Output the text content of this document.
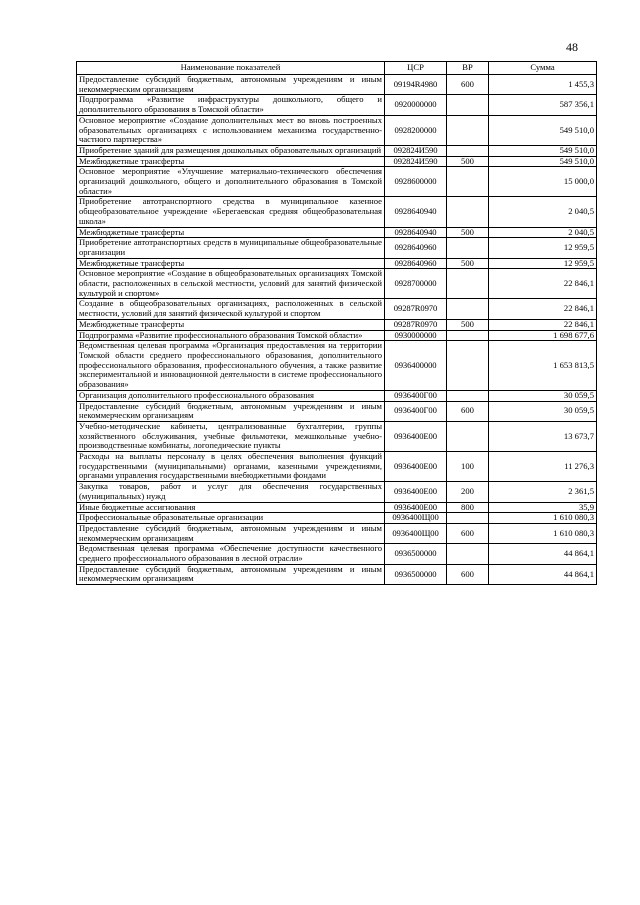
48
Наименование показателей	ЦСР	ВР	Сумма
Предоставление субсидий бюджетным, автономным учреждениям и иным некоммерческим организациям	09194R4980	600	1 455,3
Подпрограмма «Развитие инфраструктуры дошкольного, общего и дополнительного образования в Томской области»	0920000000		587 356,1
Основное мероприятие «Создание дополнительных мест во вновь построенных образовательных организациях с использованием механизма государственно-частного партнерства»	0928200000		549 510,0
Приобретение зданий для размещения дошкольных образовательных организаций	092824И590		549 510,0
Межбюджетные трансферты	092824И590	500	549 510,0
Основное мероприятие «Улучшение материально-технического обеспечения организаций дошкольного, общего и дополнительного образования в Томской области»	0928600000		15 000,0
Приобретение автотранспортного средства в муниципальное казенное общеобразовательное учреждение «Берегаевская средняя общеобразовательная школа»	0928640940		2 040,5
Межбюджетные трансферты	0928640940	500	2 040,5
Приобретение автотранспортных средств в муниципальные общеобразовательные организации	0928640960		12 959,5
Межбюджетные трансферты	0928640960	500	12 959,5
Основное мероприятие «Создание в общеобразовательных организациях Томской области, расположенных в сельской местности, условий для занятий физической культурой и спортом»	0928700000		22 846,1
Создание в общеобразовательных организациях, расположенных в сельской местности, условий для занятий физической культурой и спортом	09287R0970		22 846,1
Межбюджетные трансферты	09287R0970	500	22 846,1
Подпрограмма «Развитие профессионального образования Томской области»	0930000000		1 698 677,6
Ведомственная целевая программа «Организация предоставления на территории Томской области среднего профессионального образования, дополнительного профессионального образования, профессионального обучения, а также развитие экспериментальной и инновационной деятельности в системе профессионального образования»	0936400000		1 653 813,5
Организация дополнительного профессионального образования	0936400Г00		30 059,5
Предоставление субсидий бюджетным, автономным учреждениям и иным некоммерческим организациям	0936400Г00	600	30 059,5
Учебно-методические кабинеты, централизованные бухгалтерии, группы хозяйственного обслуживания, учебные фильмотеки, межшкольные учебно-производственные комбинаты, логопедические пункты	0936400Е00		13 673,7
Расходы на выплаты персоналу в целях обеспечения выполнения функций государственными (муниципальными) органами, казенными учреждениями, органами управления государственными внебюджетными фондами	0936400Е00	100	11 276,3
Закупка товаров, работ и услуг для обеспечения государственных (муниципальных) нужд	0936400Е00	200	2 361,5
Иные бюджетные ассигнования	0936400Е00	800	35,9
Профессиональные образовательные организации	0936400Щ00		1 610 080,3
Предоставление субсидий бюджетным, автономным учреждениям и иным некоммерческим организациям	0936400Щ00	600	1 610 080,3
Ведомственная целевая программа «Обеспечение доступности качественного среднего профессионального образования в лесной отрасли»	0936500000		44 864,1
Предоставление субсидий бюджетным, автономным учреждениям и иным некоммерческим организациям	0936500000	600	44 864,1
